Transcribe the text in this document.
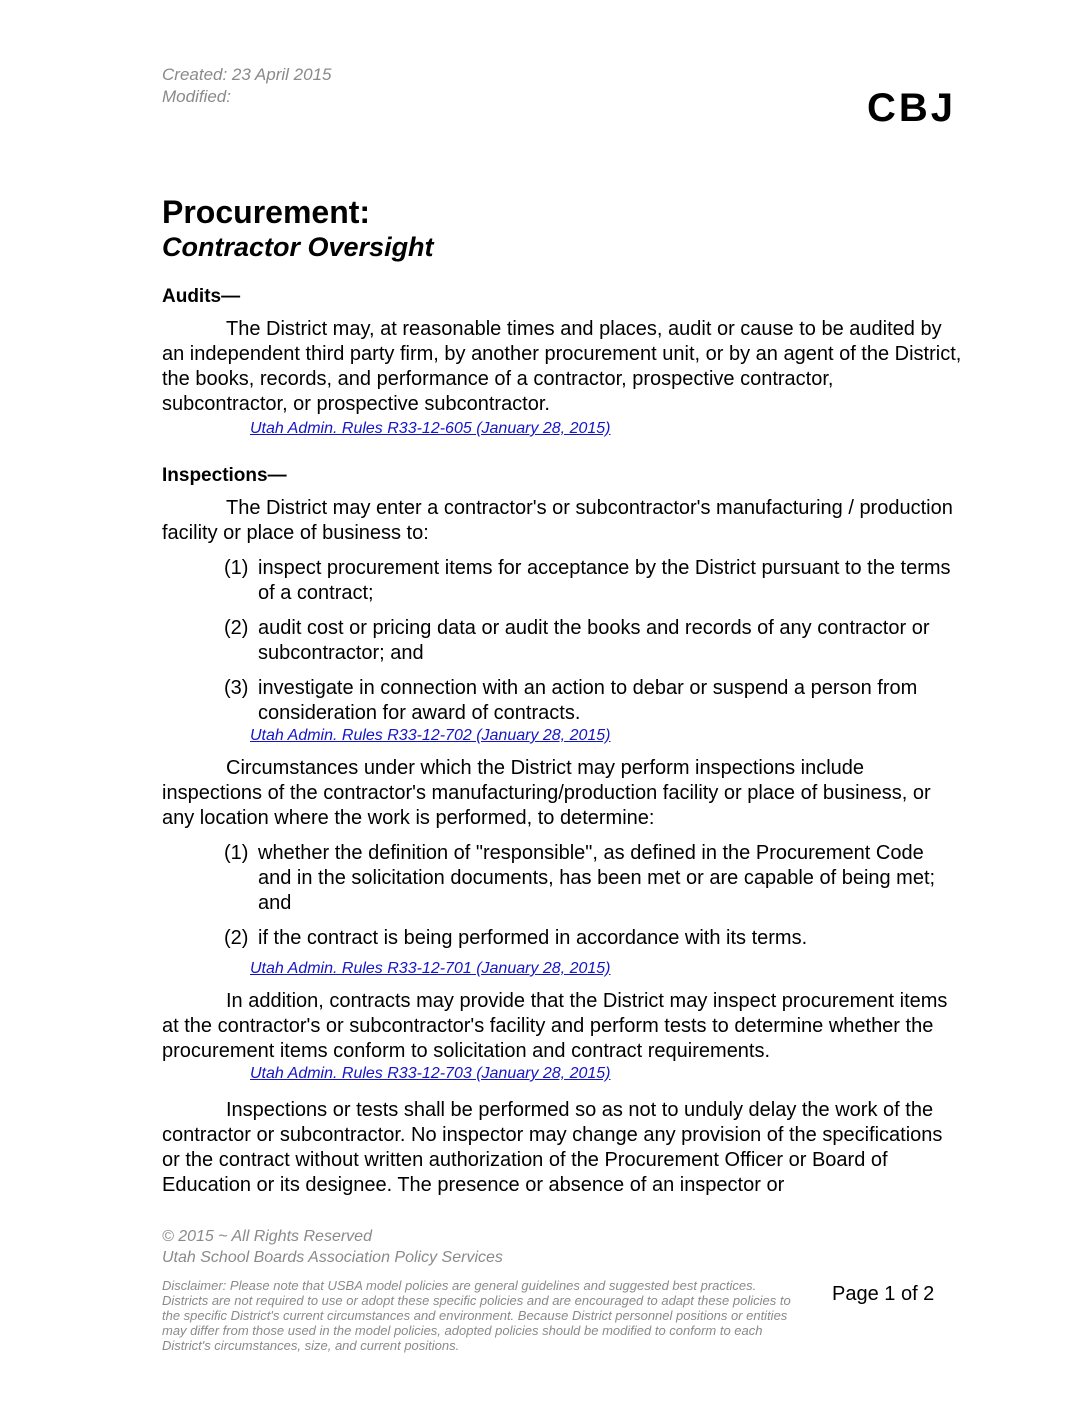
Created: 23 April 2015
Modified:	CBJ
Procurement:
Contractor Oversight

Audits—

The District may, at reasonable times and places, audit or cause to be audited by an independent third party firm, by another procurement unit, or by an agent of the District, the books, records, and performance of a contractor, prospective contractor, subcontractor, or prospective subcontractor.

Utah Admin. Rules R33-12-605 (January 28, 2015)

Inspections—

The District may enter a contractor's or subcontractor's manufacturing / production facility or place of business to:

(1) inspect procurement items for acceptance by the District pursuant to the terms of a contract;
(2) audit cost or pricing data or audit the books and records of any contractor or subcontractor; and
(3) investigate in connection with an action to debar or suspend a person from consideration for award of contracts.
Utah Admin. Rules R33-12-702 (January 28, 2015)

Circumstances under which the District may perform inspections include inspections of the contractor's manufacturing/production facility or place of business, or any location where the work is performed, to determine:

(1) whether the definition of "responsible", as defined in the Procurement Code and in the solicitation documents, has been met or are capable of being met; and
(2) if the contract is being performed in accordance with its terms.
Utah Admin. Rules R33-12-701 (January 28, 2015)

In addition, contracts may provide that the District may inspect procurement items at the contractor's or subcontractor's facility and perform tests to determine whether the procurement items conform to solicitation and contract requirements.

Utah Admin. Rules R33-12-703 (January 28, 2015)

Inspections or tests shall be performed so as not to unduly delay the work of the contractor or subcontractor. No inspector may change any provision of the specifications or the contract without written authorization of the Procurement Officer or Board of Education or its designee. The presence or absence of an inspector or

© 2015 ~ All Rights Reserved
Utah School Boards Association Policy Services
Disclaimer: Please note that USBA model policies are general guidelines and suggested best practices. Districts are not required to use or adopt these specific policies and are encouraged to adapt these policies to the specific District's current circumstances and environment. Because District personnel positions or entities may differ from those used in the model policies, adopted policies should be modified to conform to each District's circumstances, size, and current positions.
Page 1 of 2
